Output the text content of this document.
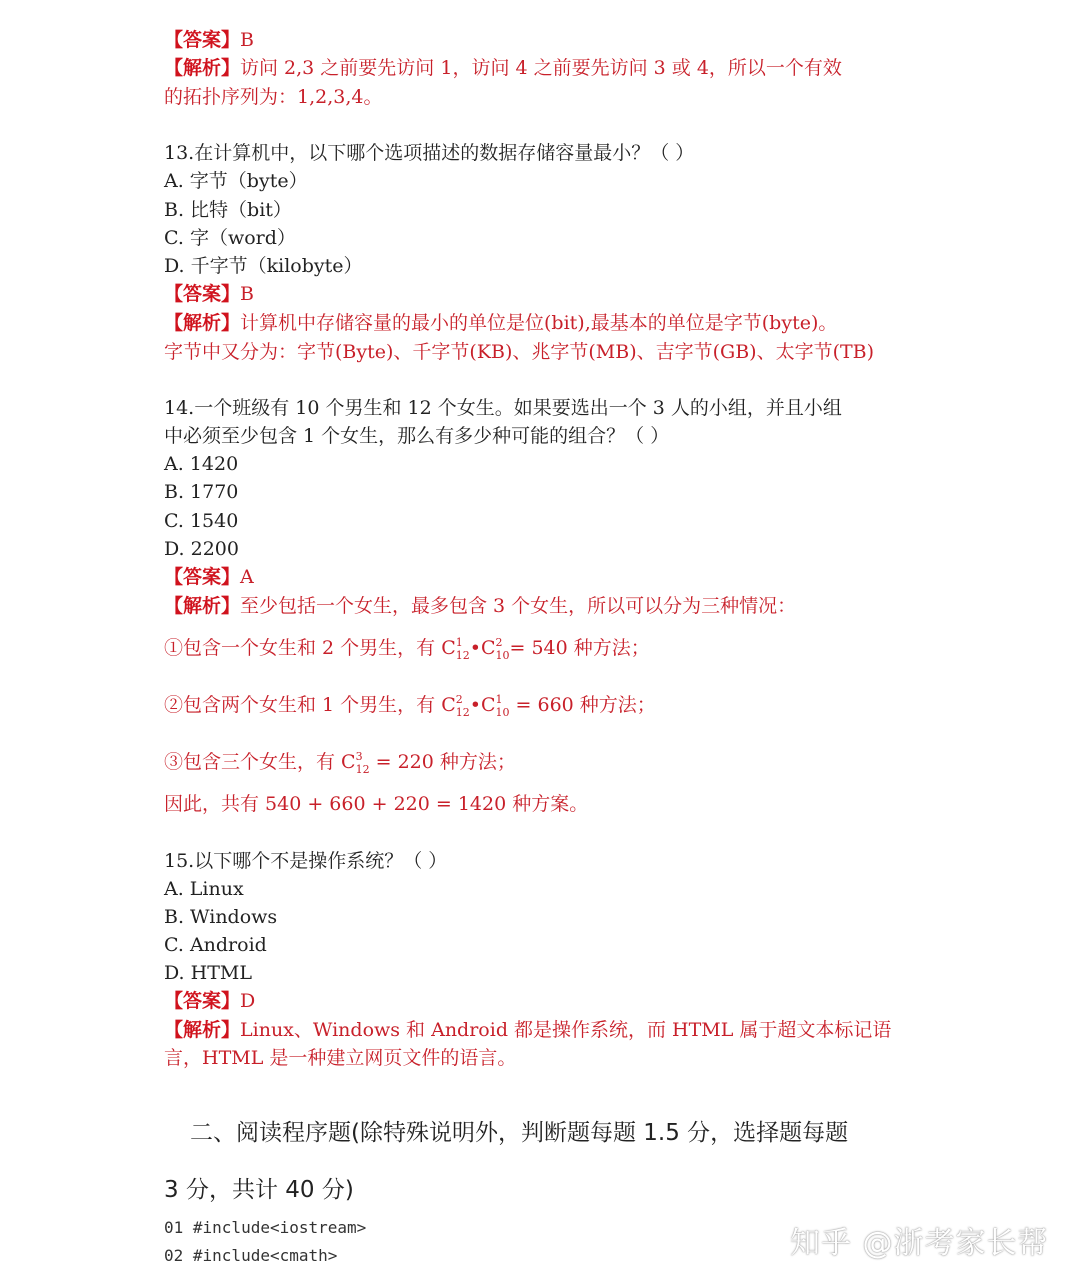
【答案】B
【解析】访问 2,3 之前要先访问 1，访问 4 之前要先访问 3 或 4，所以一个有效
的拓扑序列为：1,2,3,4。
13.在计算机中，以下哪个选项描述的数据存储容量最小？（ ）
A. 字节（byte）
B. 比特（bit）
C. 字（word）
D. 千字节（kilobyte）
【答案】B
【解析】计算机中存储容量的最小的单位是位(bit),最基本的单位是字节(byte)。
字节中又分为：字节(Byte)、千字节(KB)、兆字节(MB)、吉字节(GB)、太字节(TB)
14.一个班级有 10 个男生和 12 个女生。如果要选出一个 3 人的小组，并且小组
中必须至少包含 1 个女生，那么有多少种可能的组合？（ ）
A. 1420
B. 1770
C. 1540
D. 2200
【答案】A
【解析】至少包括一个女生，最多包含 3 个女生，所以可以分为三种情况：
①包含一个女生和 2 个男生，有 C 1
12 •C 2
10 = 540 种方法；
②包含两个女生和 1 个男生，有 C 2
12 •C 1
10 = 660 种方法；
③包含三个女生，有 C 3
12 = 220 种方法；
因此，共有 540 + 660 + 220 = 1420 种方案。
15.以下哪个不是操作系统？（ ）
A. Linux
B. Windows
C. Android
D. HTML
【答案】D
【解析】Linux、Windows 和 Android 都是操作系统，而 HTML 属于超文本标记语
言，HTML 是一种建立网页文件的语言。
二、阅读程序题(除特殊说明外，判断题每题 1.5 分，选择题每题
3 分，共计 40 分)
01 #include<iostream>
02 #include<cmath>	知乎 @浙考家长帮
